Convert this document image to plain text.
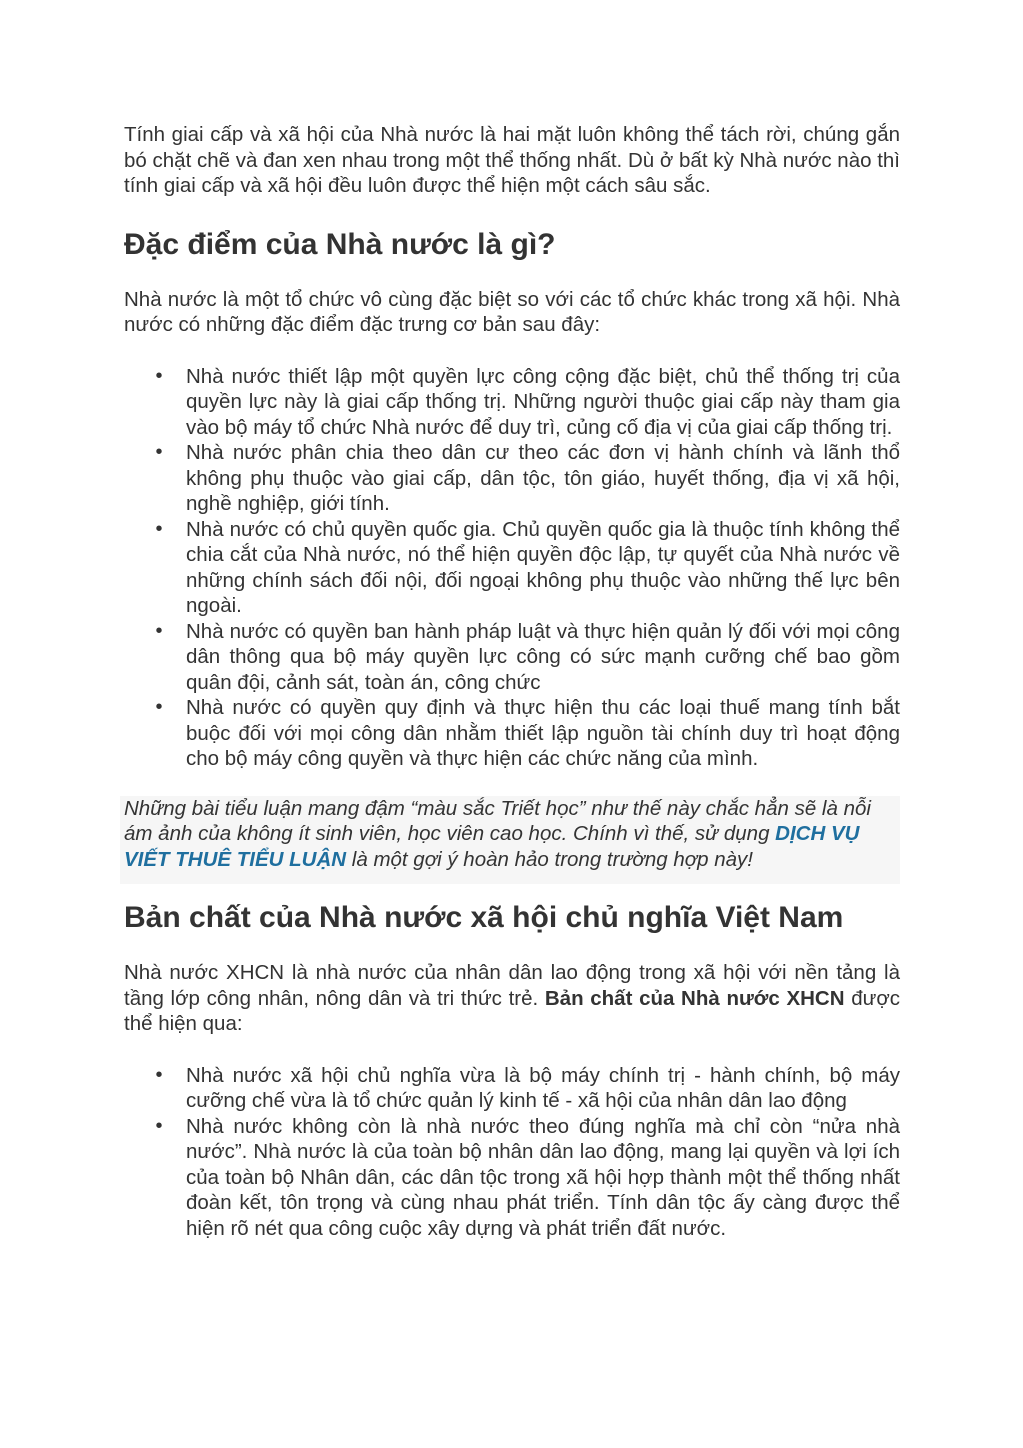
Tính giai cấp và xã hội của Nhà nước là hai mặt luôn không thể tách rời, chúng gắn bó chặt chẽ và đan xen nhau trong một thể thống nhất. Dù ở bất kỳ Nhà nước nào thì tính giai cấp và xã hội đều luôn được thể hiện một cách sâu sắc.

Đặc điểm của Nhà nước là gì?

Nhà nước là một tổ chức vô cùng đặc biệt so với các tổ chức khác trong xã hội. Nhà nước có những đặc điểm đặc trưng cơ bản sau đây:

• Nhà nước thiết lập một quyền lực công cộng đặc biệt, chủ thể thống trị của quyền lực này là giai cấp thống trị. Những người thuộc giai cấp này tham gia vào bộ máy tổ chức Nhà nước để duy trì, củng cố địa vị của giai cấp thống trị.
• Nhà nước phân chia theo dân cư theo các đơn vị hành chính và lãnh thổ không phụ thuộc vào giai cấp, dân tộc, tôn giáo, huyết thống, địa vị xã hội, nghề nghiệp, giới tính.
• Nhà nước có chủ quyền quốc gia. Chủ quyền quốc gia là thuộc tính không thể chia cắt của Nhà nước, nó thể hiện quyền độc lập, tự quyết của Nhà nước về những chính sách đối nội, đối ngoại không phụ thuộc vào những thế lực bên ngoài.
• Nhà nước có quyền ban hành pháp luật và thực hiện quản lý đối với mọi công dân thông qua bộ máy quyền lực công có sức mạnh cưỡng chế bao gồm quân đội, cảnh sát, toàn án, công chức
• Nhà nước có quyền quy định và thực hiện thu các loại thuế mang tính bắt buộc đối với mọi công dân nhằm thiết lập nguồn tài chính duy trì hoạt động cho bộ máy công quyền và thực hiện các chức năng của mình.
Những bài tiểu luận mang đậm “màu sắc Triết học” như thế này chắc hẳn sẽ là nỗi ám ảnh của không ít sinh viên, học viên cao học. Chính vì thế, sử dụng DỊCH VỤ VIẾT THUÊ TIỂU LUẬN là một gợi ý hoàn hảo trong trường hợp này!
Bản chất của Nhà nước xã hội chủ nghĩa Việt Nam

Nhà nước XHCN là nhà nước của nhân dân lao động trong xã hội với nền tảng là tầng lớp công nhân, nông dân và tri thức trẻ. Bản chất của Nhà nước XHCN được thể hiện qua:

• Nhà nước xã hội chủ nghĩa vừa là bộ máy chính trị - hành chính, bộ máy cưỡng chế vừa là tổ chức quản lý kinh tế - xã hội của nhân dân lao động
• Nhà nước không còn là nhà nước theo đúng nghĩa mà chỉ còn “nửa nhà nước”. Nhà nước là của toàn bộ nhân dân lao động, mang lại quyền và lợi ích của toàn bộ Nhân dân, các dân tộc trong xã hội hợp thành một thể thống nhất đoàn kết, tôn trọng và cùng nhau phát triển. Tính dân tộc ấy càng được thể hiện rõ nét qua công cuộc xây dựng và phát triển đất nước.
